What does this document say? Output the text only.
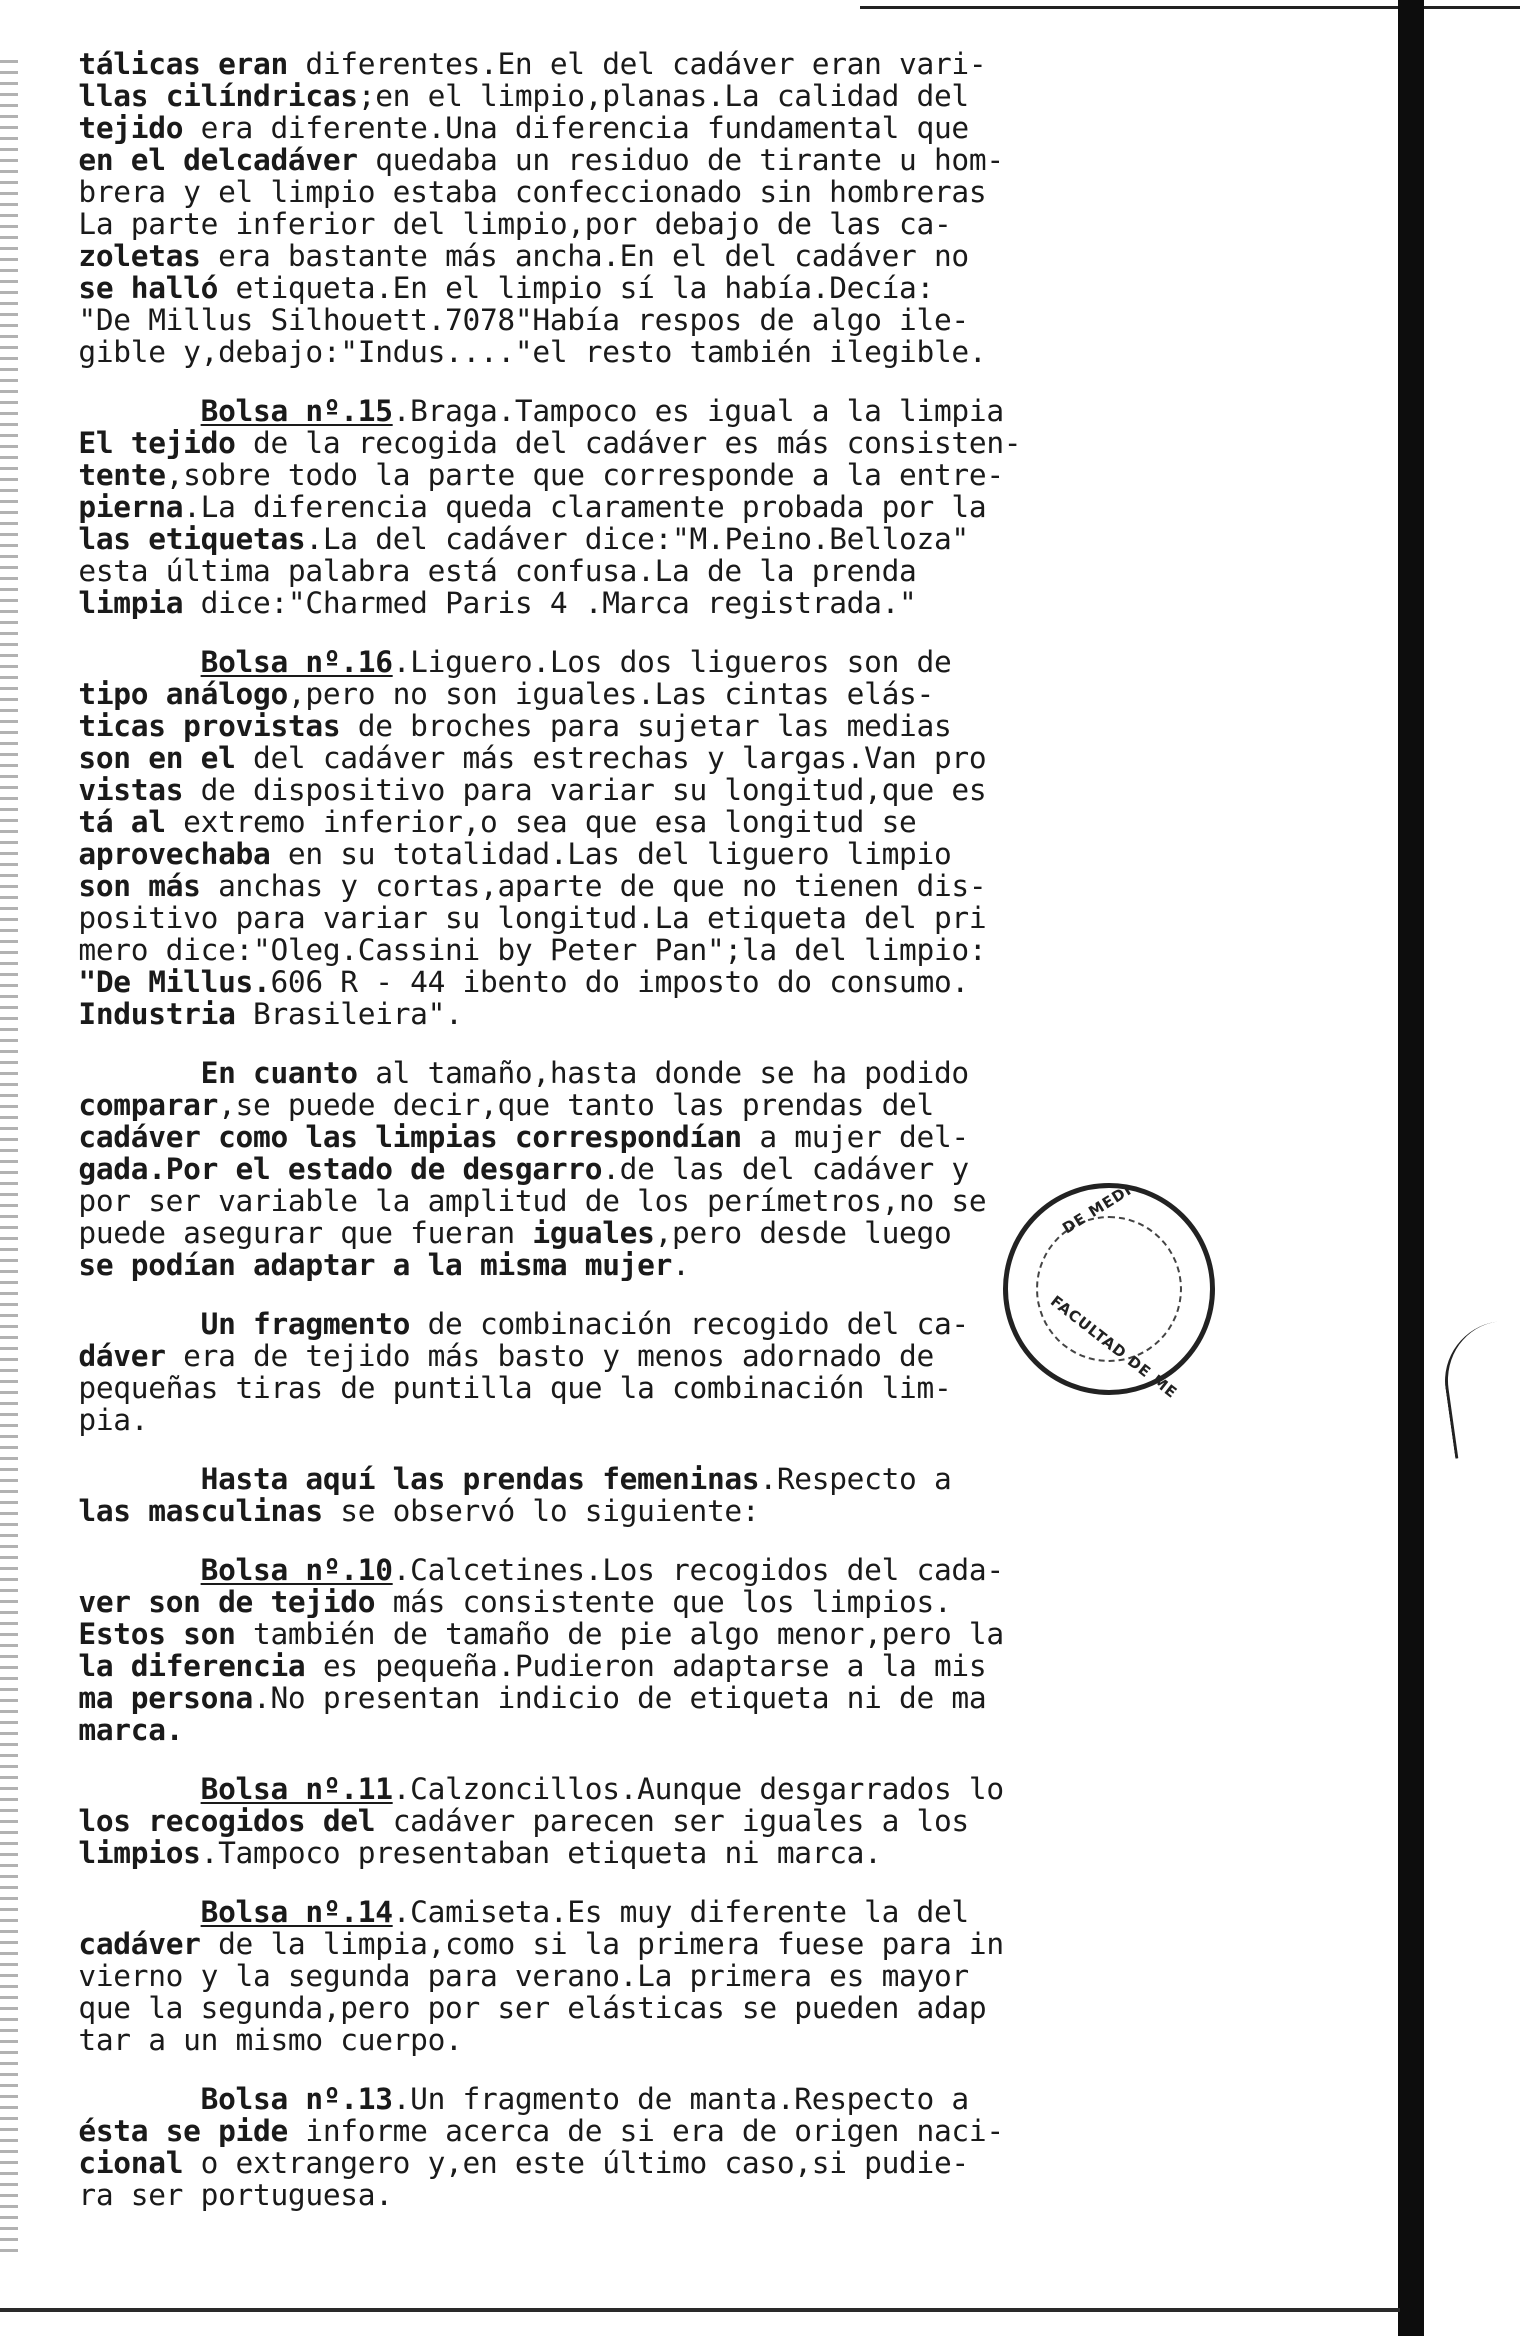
FACULTAD DE ME
DE MEDI
tálicas eran diferentes.En el del cadáver eran vari-
llas cilíndricas;en el limpio,planas.La calidad del
tejido era diferente.Una diferencia fundamental que
en el delcadáver quedaba un residuo de tirante u hom-
brera y el limpio estaba confeccionado sin hombreras
La parte inferior del limpio,por debajo de las ca-
zoletas era bastante más ancha.En el del cadáver no
se halló etiqueta.En el limpio sí la había.Decía:
"De Millus Silhouett.7078"Había respos de algo ile-
gible y,debajo:"Indus...."el resto también ilegible.
Bolsa nº.15.Braga.Tampoco es igual a la limpia
El tejido de la recogida del cadáver es más consisten-
tente,sobre todo la parte que corresponde a la entre-
pierna.La diferencia queda claramente probada por la
las etiquetas.La del cadáver dice:"M.Peino.Belloza"
esta última palabra está confusa.La de la prenda
limpia dice:"Charmed Paris 4 .Marca registrada."
Bolsa nº.16.Liguero.Los dos ligueros son de
tipo análogo,pero no son iguales.Las cintas elás-
ticas provistas de broches para sujetar las medias
son en el del cadáver más estrechas y largas.Van pro
vistas de dispositivo para variar su longitud,que es
tá al extremo inferior,o sea que esa longitud se
aprovechaba en su totalidad.Las del liguero limpio
son más anchas y cortas,aparte de que no tienen dis-
positivo para variar su longitud.La etiqueta del pri
mero dice:"Oleg.Cassini by Peter Pan";la del limpio:
"De Millus.606 R - 44 ibento do imposto do consumo.
Industria Brasileira".
En cuanto al tamaño,hasta donde se ha podido
comparar,se puede decir,que tanto las prendas del
cadáver como las limpias correspondían a mujer del-
gada.Por el estado de desgarro.de las del cadáver y
por ser variable la amplitud de los perímetros,no se
puede asegurar que fueran iguales,pero desde luego
se podían adaptar a la misma mujer.
Un fragmento de combinación recogido del ca-
dáver era de tejido más basto y menos adornado de
pequeñas tiras de puntilla que la combinación lim-
pia.
Hasta aquí las prendas femeninas.Respecto a
las masculinas se observó lo siguiente:
Bolsa nº.10.Calcetines.Los recogidos del cada-
ver son de tejido más consistente que los limpios.
Estos son también de tamaño de pie algo menor,pero la
la diferencia es pequeña.Pudieron adaptarse a la mis
ma persona.No presentan indicio de etiqueta ni de ma
marca.
Bolsa nº.11.Calzoncillos.Aunque desgarrados lo
los recogidos del cadáver parecen ser iguales a los
limpios.Tampoco presentaban etiqueta ni marca.
Bolsa nº.14.Camiseta.Es muy diferente la del
cadáver de la limpia,como si la primera fuese para in
vierno y la segunda para verano.La primera es mayor
que la segunda,pero por ser elásticas se pueden adap
tar a un mismo cuerpo.
Bolsa nº.13.Un fragmento de manta.Respecto a
ésta se pide informe acerca de si era de origen naci-
cional o extrangero y,en este último caso,si pudie-
ra ser portuguesa.
